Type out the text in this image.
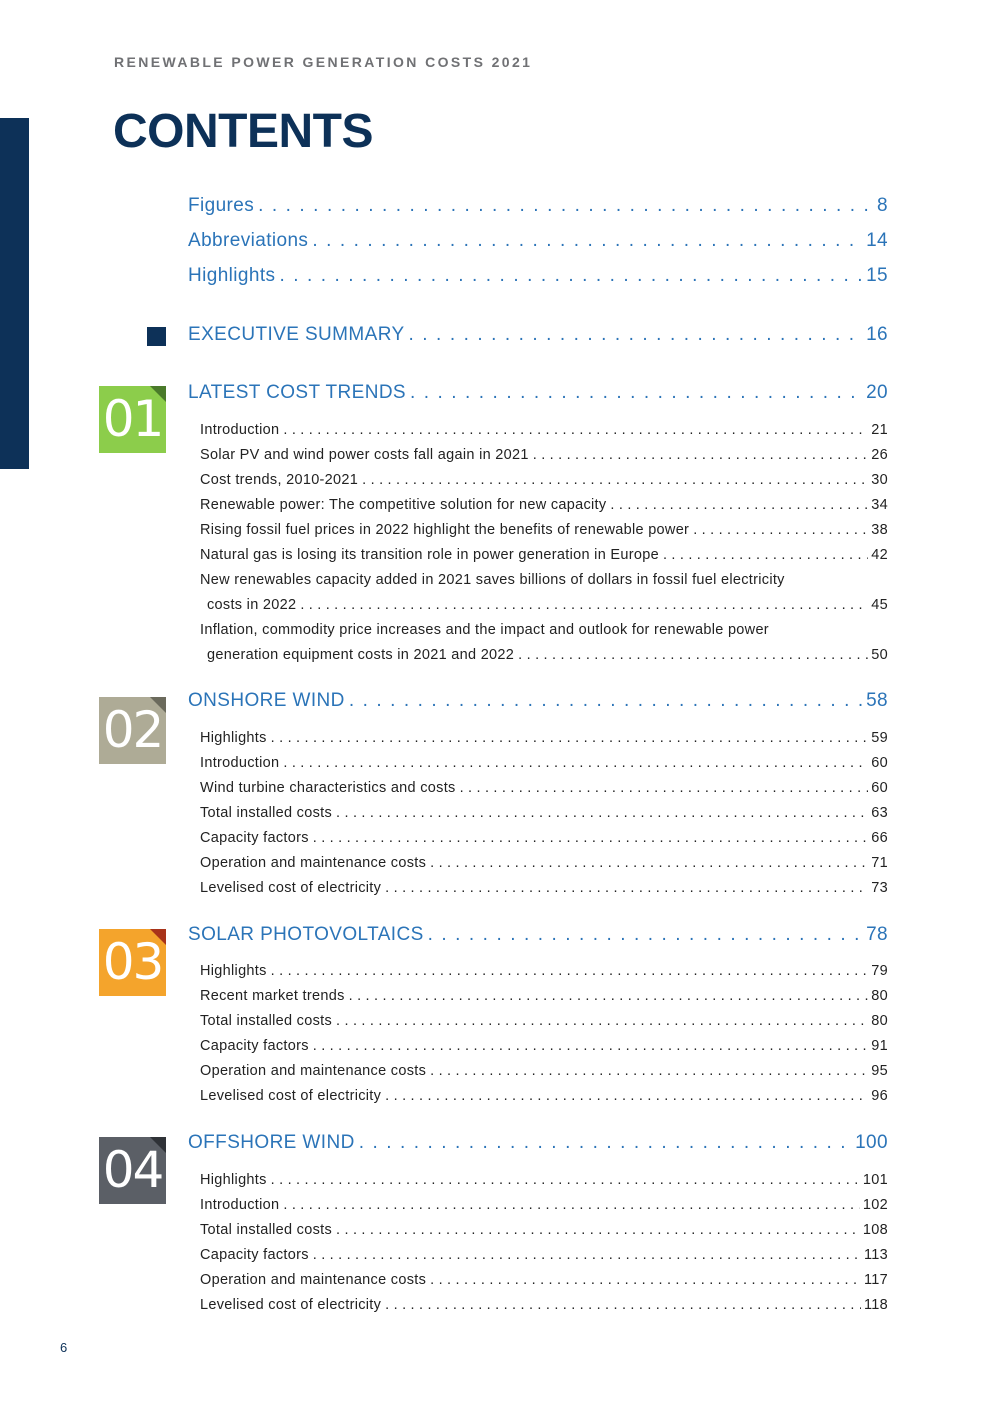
RENEWABLE POWER GENERATION COSTS 2021
CONTENTS
Figures . . .	8
Abbreviations . . .	14
Highlights . . .	15
EXECUTIVE SUMMARY . . .	16
01 LATEST COST TRENDS . . .	20
Introduction . . .	21
Solar PV and wind power costs fall again in 2021 . . .	26
Cost trends, 2010-2021 . . .	30
Renewable power: The competitive solution for new capacity . . .	34
Rising fossil fuel prices in 2022 highlight the benefits of renewable power . . .	38
Natural gas is losing its transition role in power generation in Europe . . .	42
New renewables capacity added in 2021 saves billions of dollars in fossil fuel electricity
costs in 2022 . . .	45
Inflation, commodity price increases and the impact and outlook for renewable power
generation equipment costs in 2021 and 2022 . . .	50
02
ONSHORE WIND . . .	58
Highlights . . .	59
Introduction . . .	60
Wind turbine characteristics and costs . . .	60
Total installed costs . . .	63
Capacity factors . . .	66
Operation and maintenance costs . . .	71
Levelised cost of electricity . . .	73
03 SOLAR PHOTOVOLTAICS . . .	78
Highlights . . .	79
Recent market trends . . .	80
Total installed costs . . .	80
Capacity factors . . .	91
Operation and maintenance costs . . .	95
Levelised cost of electricity . . .	96
04 OFFSHORE WIND . . .	100
Highlights . . .	101
Introduction . . .	102
Total installed costs . . .	108
Capacity factors . . .	113
Operation and maintenance costs . . .	117
Levelised cost of electricity . . .	118
6
